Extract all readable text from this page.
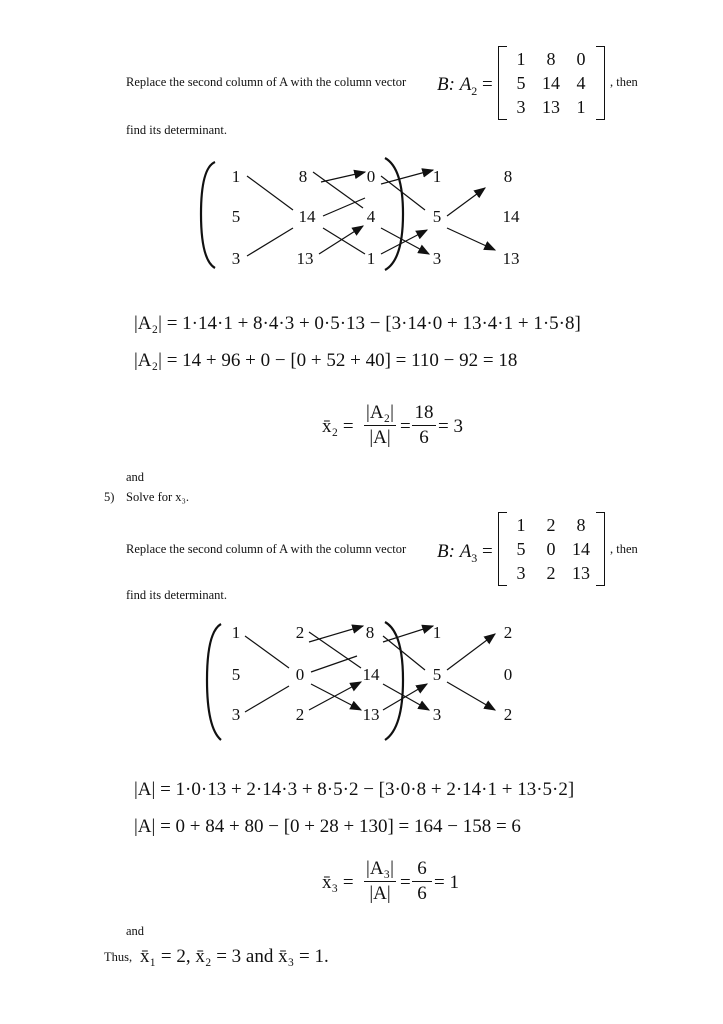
Replace the second column of A with the column vector B: $A_2$ =
1	8	0
5 14 4
3 13 1
, then
find its determinant.
1	8	0	1	8
5	14	4	5	14
3	13	1	3	13
|A₂| = 1·14·1 + 8·4·3 + 0·5·13 − [3·14·0 + 13·4·1 + 1·5·8]
|A₂| = 14 + 96 + 0 − [0 + 52 + 40] = 110 − 92 = 18
x̄₂ =
|A₂|
|A|
=
18
6
= 3
and
5) Solve for x₃.
Replace the second column of A with the column vector B: $A_3$ =
1	2	8
5	0 14
3	2 13
, then
find its determinant.
1	2	8	1	2
5	0	14	5	0
3	2	13	3	2
|A| = 1·0·13 + 2·14·3 + 8·5·2 − [3·0·8 + 2·14·1 + 13·5·2]
|A| = 0 + 84 + 80 − [0 + 28 + 130] = 164 − 158 = 6
x̄₃ =
|A₃|
|A|
=
6
6
= 1
and
Thus, x̄₁ = 2, x̄₂ = 3 and x̄₃ = 1.
